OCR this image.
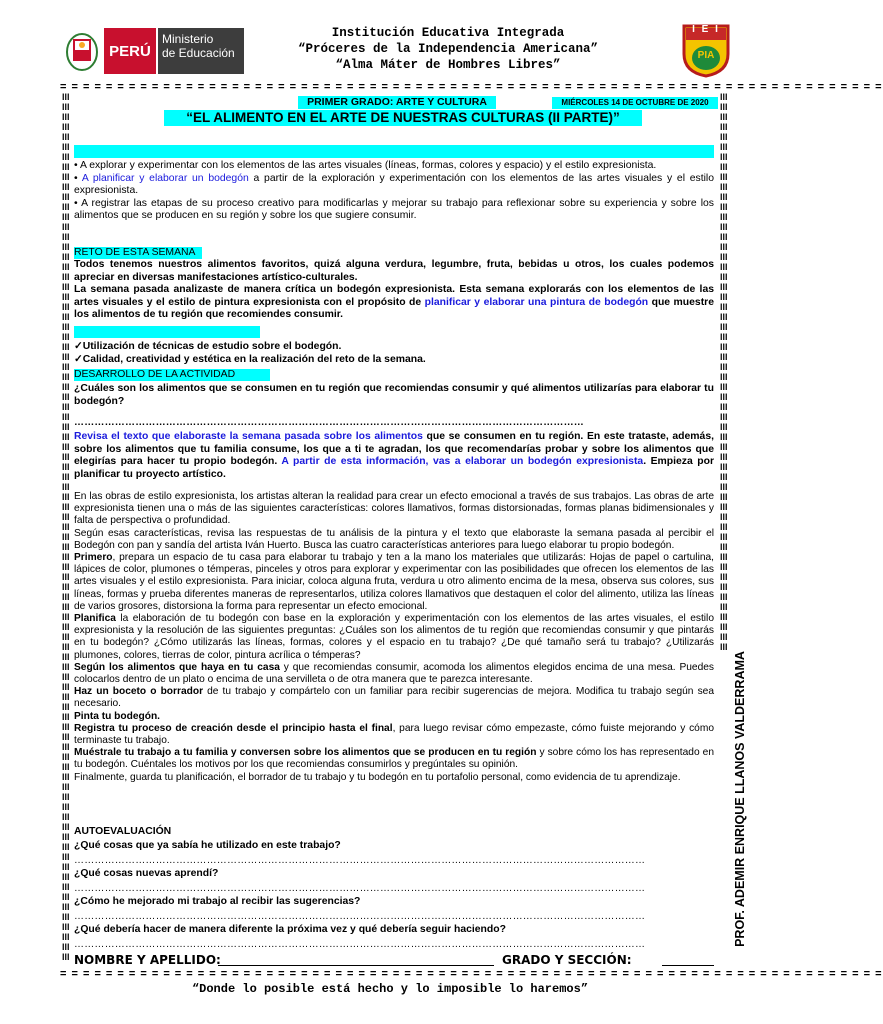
PERÚ
Ministerio
de Educación
Institución Educativa Integrada
“Próceres de la Independencia Americana”
“Alma Máter de Hombres Libres”
I E I
PIA
= = = = = = = = = = = = = = = = = = = = = = = = = = = = = = = = = = = = = = = = = = = = = = = = = = = = = = = = = = = = = = = = = = = = = = = =
lll
lll
lll
lll
lll
lll
lll
lll
lll
lll
lll
lll
lll
lll
lll
lll
lll
lll
lll
lll
lll
lll
lll
lll
lll
lll
lll
lll
lll
lll
lll
lll
lll
lll
lll
lll
lll
lll
lll
lll
lll
lll
lll
lll
lll
lll
lll
lll
lll
lll
lll
lll
lll
lll
lll
lll
lll
lll
lll
lll
lll
lll
lll
lll
lll
lll
lll
lll
lll
lll
lll
lll
lll
lll
lll
lll
lll
lll
lll
lll
lll
lll
lll
lll
lll
lll
lll
lll
lll
lll
lll
lll
lll
lll
lll
lll
lll
lll
lll
lll
lll
lll
lll
lll
lll
lll
lll
lll
lll
lll
lll
lll
lll
lll
lll
lll
lll
lll
lll
lll
lll
lll
lll
lll
lll
lll
lll
lll
lll
lll
lll
lll
lll
lll
lll
lll
lll
lll
lll
lll
lll
lll
lll
PRIMER GRADO: ARTE Y CULTURA	MIÉRCOLES 14 DE OCTUBRE DE 2020
“EL ALIMENTO EN EL ARTE DE NUESTRAS CULTURAS (II PARTE)”
• A explorar y experimentar con los elementos de las artes visuales (líneas, formas, colores y espacio) y el estilo expresionista.
• A planificar y elaborar un bodegón a partir de la exploración y experimentación con los elementos de las artes visuales y el estilo expresionista.
• A registrar las etapas de su proceso creativo para modificarlas y mejorar su trabajo para reflexionar sobre su experiencia y sobre los alimentos que se producen en su región y sobre los que sugiere consumir.
RETO DE ESTA SEMANA
Todos tenemos nuestros alimentos favoritos, quizá alguna verdura, legumbre, fruta, bebidas u otros, los cuales podemos apreciar en diversas manifestaciones artístico-culturales.
La semana pasada analizaste de manera crítica un bodegón expresionista. Esta semana explorarás con los elementos de las artes visuales y el estilo de pintura expresionista con el propósito de planificar y elaborar una pintura de bodegón que muestre los alimentos de tu región que recomiendes consumir.
✓Utilización de técnicas de estudio sobre el bodegón.
✓Calidad, creatividad y estética en la realización del reto de la semana.
DESARROLLO DE LA ACTIVIDAD
¿Cuáles son los alimentos que se consumen en tu región que recomiendas consumir y qué alimentos utilizarías para elaborar tu bodegón?
……………………………………………………………………………………………………………………………………
Revisa el texto que elaboraste la semana pasada sobre los alimentos que se consumen en tu región. En este trataste, además, sobre los alimentos que tu familia consume, los que a ti te agradan, los que recomendarías probar y sobre los alimentos que elegirías para hacer tu propio bodegón. A partir de esta información, vas a elaborar un bodegón expresionista. Empieza por planificar tu proyecto artístico.
En las obras de estilo expresionista, los artistas alteran la realidad para crear un efecto emocional a través de sus trabajos. Las obras de arte expresionista tienen una o más de las siguientes características: colores llamativos, formas distorsionadas, formas planas bidimensionales y falta de perspectiva o profundidad.
Según esas características, revisa las respuestas de tu análisis de la pintura y el texto que elaboraste la semana pasada al percibir el Bodegón con pan y sandía del artista Iván Huerto. Busca las cuatro características anteriores para luego elaborar tu propio bodegón.
Primero, prepara un espacio de tu casa para elaborar tu trabajo y ten a la mano los materiales que utilizarás: Hojas de papel o cartulina, lápices de color, plumones o témperas, pinceles y otros para explorar y experimentar con las posibilidades que ofrecen los elementos de las artes visuales y el estilo expresionista. Para iniciar, coloca alguna fruta, verdura u otro alimento encima de la mesa, observa sus colores, sus líneas, formas y prueba diferentes maneras de representarlos, utiliza colores llamativos que destaquen el color del alimento, utiliza las líneas de varios grosores, distorsiona la forma para representar un efecto emocional.
Planifica la elaboración de tu bodegón con base en la exploración y experimentación con los elementos de las artes visuales, el estilo expresionista y la resolución de las siguientes preguntas: ¿Cuáles son los alimentos de tu región que recomiendas consumir y que pintarás en tu bodegón? ¿Cómo utilizarás las líneas, formas, colores y el espacio en tu trabajo? ¿De qué tamaño será tu trabajo? ¿Utilizarás plumones, colores, tierras de color, pintura acrílica o témperas?
Según los alimentos que haya en tu casa y que recomiendas consumir, acomoda los alimentos elegidos encima de una mesa. Puedes colocarlos dentro de un plato o encima de una servilleta o de otra manera que te parezca interesante.
Haz un boceto o borrador de tu trabajo y compártelo con un familiar para recibir sugerencias de mejora. Modifica tu trabajo según sea necesario.
Pinta tu bodegón.
Registra tu proceso de creación desde el principio hasta el final, para luego revisar cómo empezaste, cómo fuiste mejorando y cómo terminaste tu trabajo.
Muéstrale tu trabajo a tu familia y conversen sobre los alimentos que se producen en tu región y sobre cómo los has representado en tu bodegón. Cuéntales los motivos por los que recomiendas consumirlos y pregúntales su opinión.
Finalmente, guarda tu planificación, el borrador de tu trabajo y tu bodegón en tu portafolio personal, como evidencia de tu aprendizaje.
AUTOEVALUACIÓN
¿Qué cosas que ya sabía he utilizado en este trabajo?
……………………………………………………………………………………………………………………………………………………
¿Qué cosas nuevas aprendí?
……………………………………………………………………………………………………………………………………………………
¿Cómo he mejorado mi trabajo al recibir las sugerencias?
……………………………………………………………………………………………………………………………………………………
¿Qué debería hacer de manera diferente la próxima vez y qué debería seguir haciendo?
……………………………………………………………………………………………………………………………………………………
NOMBRE Y APELLIDO:	GRADO Y SECCIÓN:
= = = = = = = = = = = = = = = = = = = = = = = = = = = = = = = = = = = = = = = = = = = = = = = = = = = = = = = = = = = = = = = = = = = = = = = =
“Donde lo posible está hecho y lo imposible lo haremos”
PROF. ADEMIR ENRIQUE LLANOS VALDERRAMA
